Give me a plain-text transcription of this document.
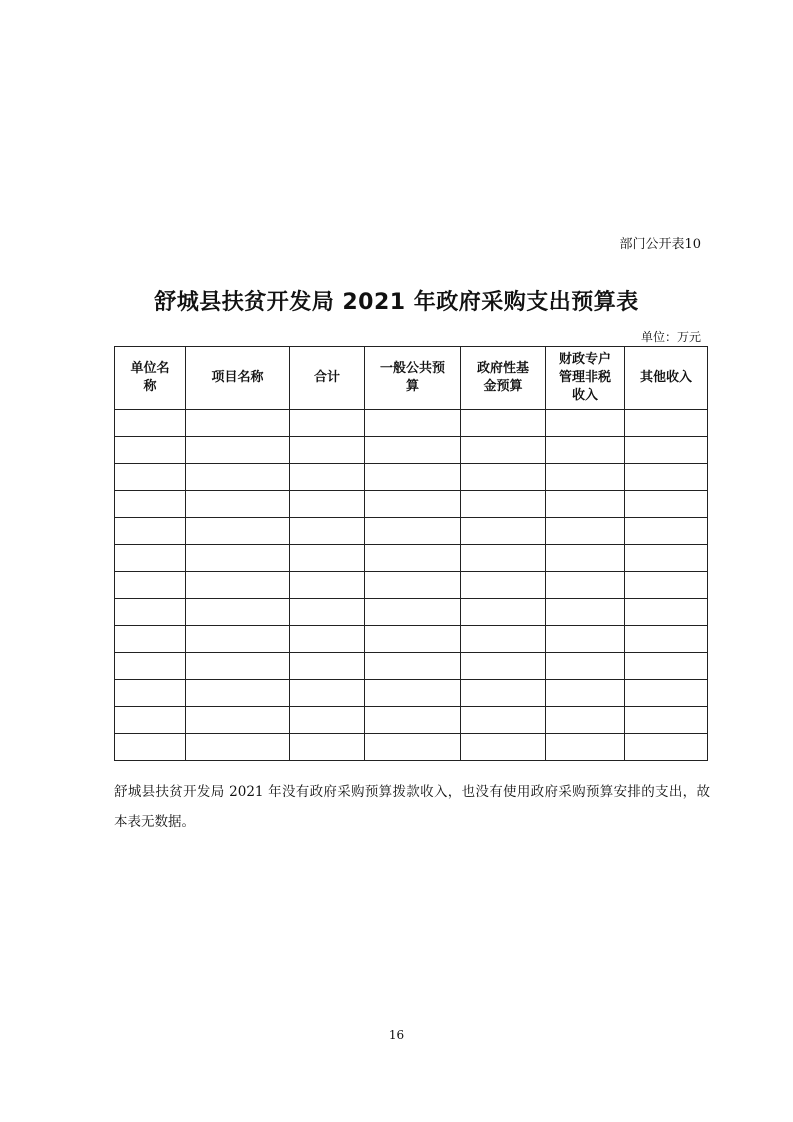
部门公开表10
舒城县扶贫开发局 2021 年政府采购支出预算表
单位：万元
单位名称	项目名称	合计	一般公共预算	政府性基金预算	财政专户管理非税收入	其他收入

舒城县扶贫开发局 2021 年没有政府采购预算拨款收入，也没有使用政府采购预算安排的支出，故本表无数据。
16
